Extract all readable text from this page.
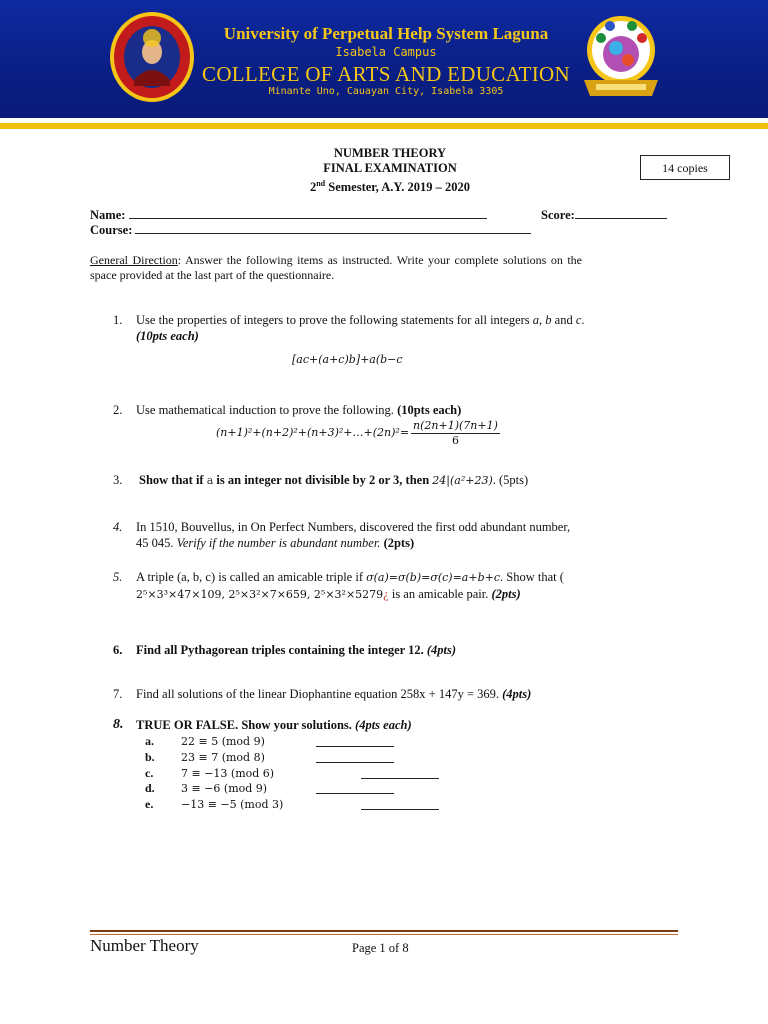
University of Perpetual Help System Laguna
Isabela Campus
COLLEGE OF ARTS AND EDUCATION
Minante Uno, Cauayan City, Isabela 3305
NUMBER THEORY
FINAL EXAMINATION
2nd Semester, A.Y. 2019 – 2020
14 copies
Name:	Score:
Course:
General Direction: Answer the following items as instructed. Write your complete solutions on the space provided at the last part of the questionnaire.
1. Use the properties of integers to prove the following statements for all integers a, b and c.
(10pts each)
[ac+(a+c)b]+a(b−c
2. Use mathematical induction to prove the following. (10pts each)
(n+1)²+(n+2)²+(n+3)²+…+(2n)²= $\frac{n(2n+1)(7n+1)}{6}$
3. Show that if a is an integer not divisible by 2 or 3, then 24|(a²+23). (5pts)
4. In 1510, Bouvellus, in On Perfect Numbers, discovered the first odd abundant number,
45 045. Verify if the number is abundant number. (2pts)
5. A triple (a, b, c) is called an amicable triple if σ(a)=σ(b)=σ(c)=a+b+c. Show that (
2⁵×3³×47×109, 2⁵×3²×7×659, 2⁵×3²×5279¿ is an amicable pair. (2pts)
6. Find all Pythagorean triples containing the integer 12. (4pts)
7. Find all solutions of the linear Diophantine equation 258x + 147y = 369. (4pts)
8. TRUE OR FALSE. Show your solutions. (4pts each)
a. 22 ≡ 5 (mod 9)
b. 23 ≡ 7 (mod 8)
c.	7 ≡ −13 (mod 6)
d. 3 ≡ −6 (mod 9)
e.	−13 ≡ −5 (mod 3)
Number Theory	Page 1 of 8
